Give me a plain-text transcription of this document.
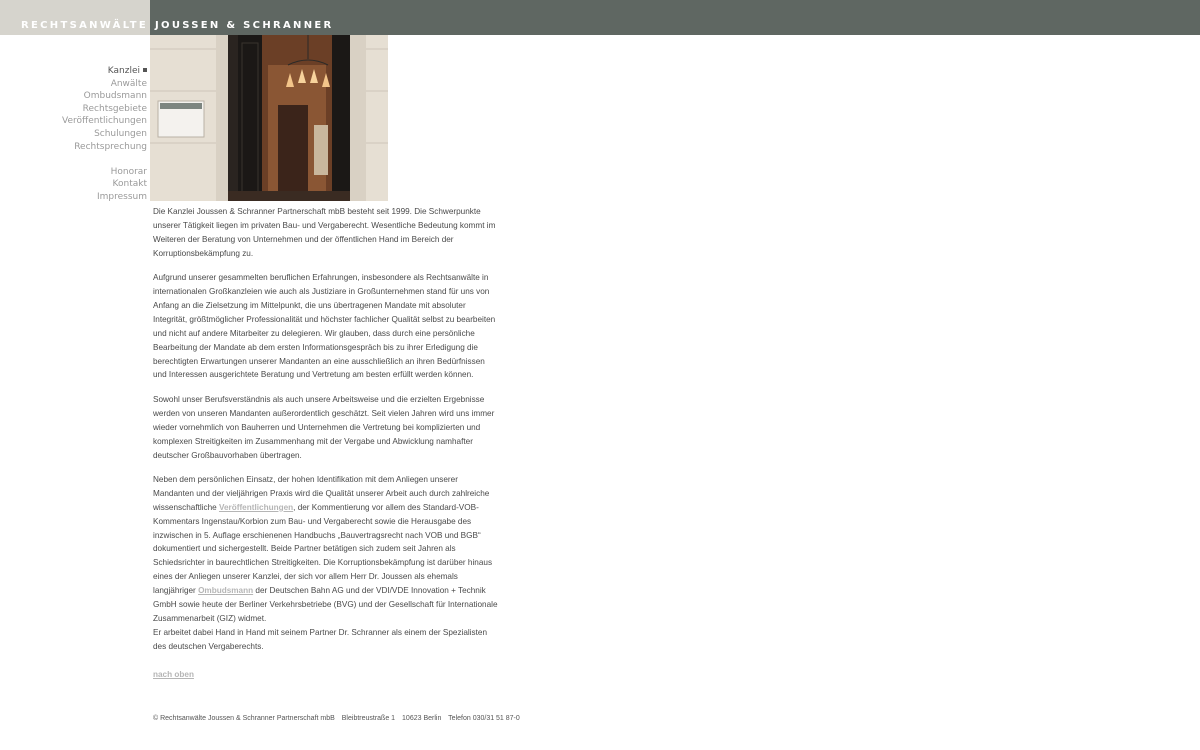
RECHTSANWÄLTE JOUSSEN & SCHRANNER
Kanzlei
Anwälte
Ombudsmann
Rechtsgebiete
Veröffentlichungen
Schulungen
Rechtsprechung
Honorar
Kontakt
Impressum

Die Kanzlei Joussen & Schranner Partnerschaft mbB besteht seit 1999. Die Schwerpunkte unserer Tätigkeit liegen im privaten Bau- und Vergaberecht. Wesentliche Bedeutung kommt im Weiteren der Beratung von Unternehmen und der öffentlichen Hand im Bereich der Korruptionsbekämpfung zu.

Aufgrund unserer gesammelten beruflichen Erfahrungen, insbesondere als Rechtsanwälte in internationalen Großkanzleien wie auch als Justiziare in Großunternehmen stand für uns von Anfang an die Zielsetzung im Mittelpunkt, die uns übertragenen Mandate mit absoluter Integrität, größtmöglicher Professionalität und höchster fachlicher Qualität selbst zu bearbeiten und nicht auf andere Mitarbeiter zu delegieren. Wir glauben, dass durch eine persönliche Bearbeitung der Mandate ab dem ersten Informationsgespräch bis zu ihrer Erledigung die berechtigten Erwartungen unserer Mandanten an eine ausschließlich an ihren Bedürfnissen und Interessen ausgerichtete Beratung und Vertretung am besten erfüllt werden können.

Sowohl unser Berufsverständnis als auch unsere Arbeitsweise und die erzielten Ergebnisse werden von unseren Mandanten außerordentlich geschätzt. Seit vielen Jahren wird uns immer wieder vornehmlich von Bauherren und Unternehmen die Vertretung bei komplizierten und komplexen Streitigkeiten im Zusammenhang mit der Vergabe und Abwicklung namhafter deutscher Großbauvorhaben übertragen.

Neben dem persönlichen Einsatz, der hohen Identifikation mit dem Anliegen unserer Mandanten und der vieljährigen Praxis wird die Qualität unserer Arbeit auch durch zahlreiche wissenschaftliche Veröffentlichungen, der Kommentierung vor allem des Standard-VOB-Kommentars Ingenstau/Korbion zum Bau- und Vergaberecht sowie die Herausgabe des inzwischen in 5. Auflage erschienenen Handbuchs „Bauvertragsrecht nach VOB und BGB“ dokumentiert und sichergestellt. Beide Partner betätigen sich zudem seit Jahren als Schiedsrichter in baurechtlichen Streitigkeiten. Die Korruptionsbekämpfung ist darüber hinaus eines der Anliegen unserer Kanzlei, der sich vor allem Herr Dr. Joussen als ehemals langjähriger Ombudsmann der Deutschen Bahn AG und der VDI/VDE Innovation + Technik GmbH sowie heute der Berliner Verkehrsbetriebe (BVG) und der Gesellschaft für Internationale Zusammenarbeit (GIZ) widmet.
Er arbeitet dabei Hand in Hand mit seinem Partner Dr. Schranner als einem der Spezialisten des deutschen Vergaberechts.

nach oben
© Rechtsanwälte Joussen & Schranner Partnerschaft mbB Bleibtreustraße 1 10623 Berlin Telefon 030/31 51 87-0
